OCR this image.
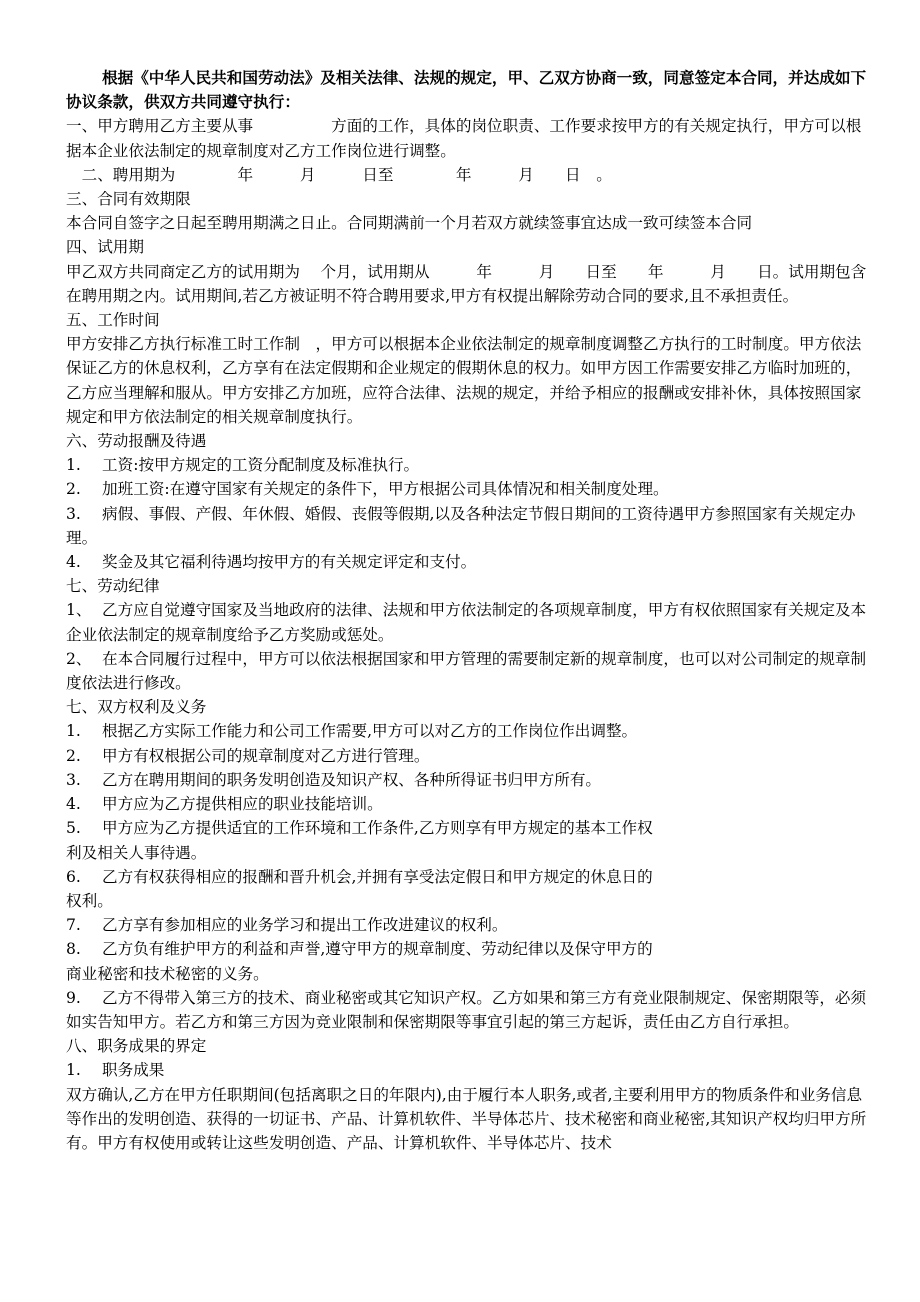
根据《中华人民共和国劳动法》及相关法律、法规的规定，甲、乙双方协商一致，同意签定本合同，并达成如下协议条款，供双方共同遵守执行：

一、甲方聘用乙方主要从事　　　　　方面的工作，具体的岗位职责、工作要求按甲方的有关规定执行，甲方可以根据本企业依法制定的规章制度对乙方工作岗位进行调整。

　二、聘用期为　　　　年　　　月　　　日至　　　　年　　　月　　日　。

三、合同有效期限

本合同自签字之日起至聘用期满之日止。合同期满前一个月若双方就续签事宜达成一致可续签本合同

四、试用期

甲乙双方共同商定乙方的试用期为　 个月，试用期从　　　年　　　月　　日至　　年　　　月　　日。试用期包含在聘用期之内。试用期间,若乙方被证明不符合聘用要求,甲方有权提出解除劳动合同的要求,且不承担责任。

五、工作时间

甲方安排乙方执行标准工时工作制　，甲方可以根据本企业依法制定的规章制度调整乙方执行的工时制度。甲方依法保证乙方的休息权利，乙方享有在法定假期和企业规定的假期休息的权力。如甲方因工作需要安排乙方临时加班的，乙方应当理解和服从。甲方安排乙方加班，应符合法律、法规的规定，并给予相应的报酬或安排补休，具体按照国家规定和甲方依法制定的相关规章制度执行。

六、劳动报酬及待遇

1. 工资:按甲方规定的工资分配制度及标准执行。

2. 加班工资:在遵守国家有关规定的条件下，甲方根据公司具体情况和相关制度处理。

3. 病假、事假、产假、年休假、婚假、丧假等假期,以及各种法定节假日期间的工资待遇甲方参照国家有关规定办理。

4. 奖金及其它福利待遇均按甲方的有关规定评定和支付。

七、劳动纪律

1、 乙方应自觉遵守国家及当地政府的法律、法规和甲方依法制定的各项规章制度，甲方有权依照国家有关规定及本企业依法制定的规章制度给予乙方奖励或惩处。

2、 在本合同履行过程中，甲方可以依法根据国家和甲方管理的需要制定新的规章制度，也可以对公司制定的规章制度依法进行修改。

七、双方权利及义务

1. 根据乙方实际工作能力和公司工作需要,甲方可以对乙方的工作岗位作出调整。

2. 甲方有权根据公司的规章制度对乙方进行管理。

3. 乙方在聘用期间的职务发明创造及知识产权、各种所得证书归甲方所有。

4. 甲方应为乙方提供相应的职业技能培训。

5. 甲方应为乙方提供适宜的工作环境和工作条件,乙方则享有甲方规定的基本工作权

利及相关人事待遇。

6. 乙方有权获得相应的报酬和晋升机会,并拥有享受法定假日和甲方规定的休息日的

权利。

7. 乙方享有参加相应的业务学习和提出工作改进建议的权利。

8. 乙方负有维护甲方的利益和声誉,遵守甲方的规章制度、劳动纪律以及保守甲方的

商业秘密和技术秘密的义务。

9. 乙方不得带入第三方的技术、商业秘密或其它知识产权。乙方如果和第三方有竞业限制规定、保密期限等，必须如实告知甲方。若乙方和第三方因为竞业限制和保密期限等事宜引起的第三方起诉，责任由乙方自行承担。

八、职务成果的界定

1. 职务成果

双方确认,乙方在甲方任职期间(包括离职之日的年限内),由于履行本人职务,或者,主要利用甲方的物质条件和业务信息等作出的发明创造、获得的一切证书、产品、计算机软件、半导体芯片、技术秘密和商业秘密,其知识产权均归甲方所有。甲方有权使用或转让这些发明创造、产品、计算机软件、半导体芯片、技术
